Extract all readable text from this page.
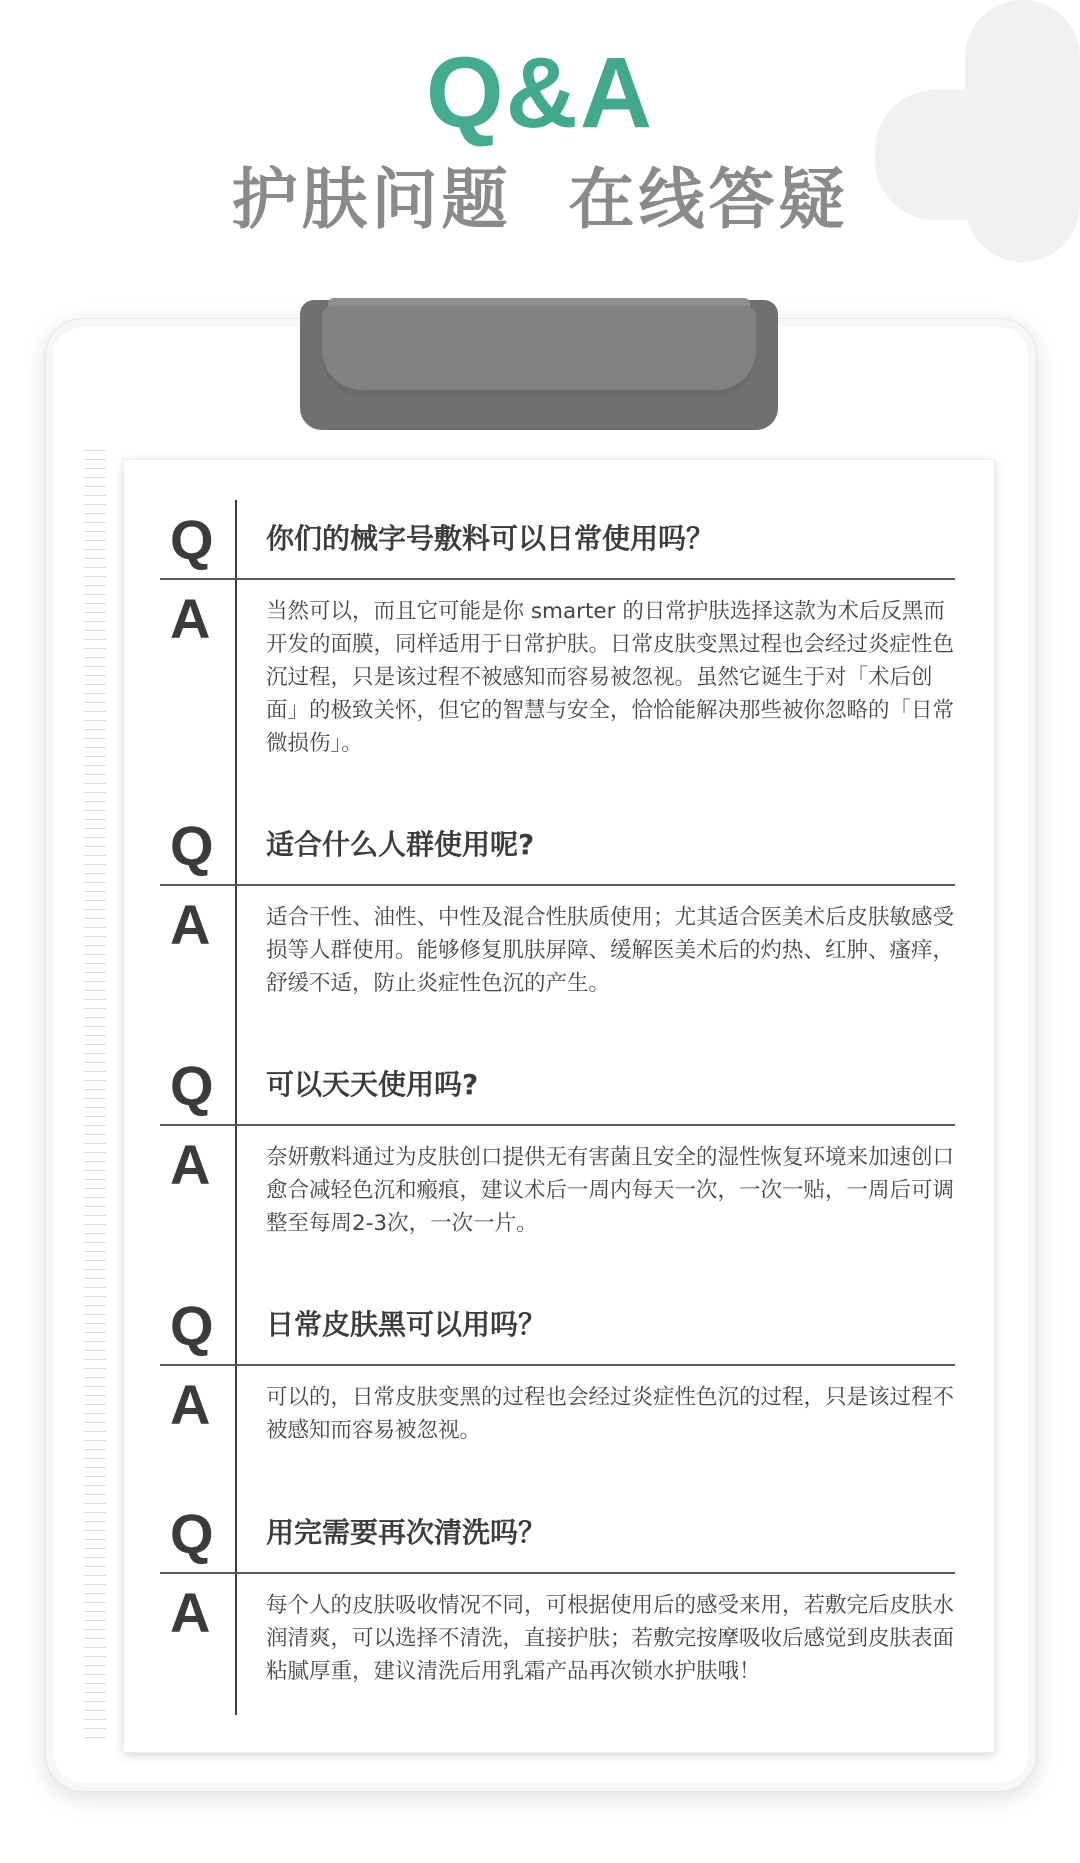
Q&A
护肤问题 在线答疑
Q	你们的械字号敷料可以日常使用吗？
A	当然可以，而且它可能是你 smarter 的日常护肤选择这款为术后反黑而开发的面膜，同样适用于日常护肤。日常皮肤变黑过程也会经过炎症性色沉过程，只是该过程不被感知而容易被忽视。虽然它诞生于对「术后创面」的极致关怀，但它的智慧与安全，恰恰能解决那些被你忽略的「日常微损伤」。
Q	适合什么人群使用呢?
A	适合干性、油性、中性及混合性肤质使用；尤其适合医美术后皮肤敏感受损等人群使用。能够修复肌肤屏障、缓解医美术后的灼热、红肿、瘙痒，舒缓不适，防止炎症性色沉的产生。
Q	可以天天使用吗?
A	奈妍敷料通过为皮肤创口提供无有害菌且安全的湿性恢复环境来加速创口愈合减轻色沉和瘢痕，建议术后一周内每天一次，一次一贴，一周后可调整至每周2-3次，一次一片。
Q	日常皮肤黑可以用吗？
A	可以的，日常皮肤变黑的过程也会经过炎症性色沉的过程，只是该过程不被感知而容易被忽视。
Q	用完需要再次清洗吗？
A	每个人的皮肤吸收情况不同，可根据使用后的感受来用，若敷完后皮肤水润清爽，可以选择不清洗，直接护肤；若敷完按摩吸收后感觉到皮肤表面粘腻厚重，建议清洗后用乳霜产品再次锁水护肤哦！
